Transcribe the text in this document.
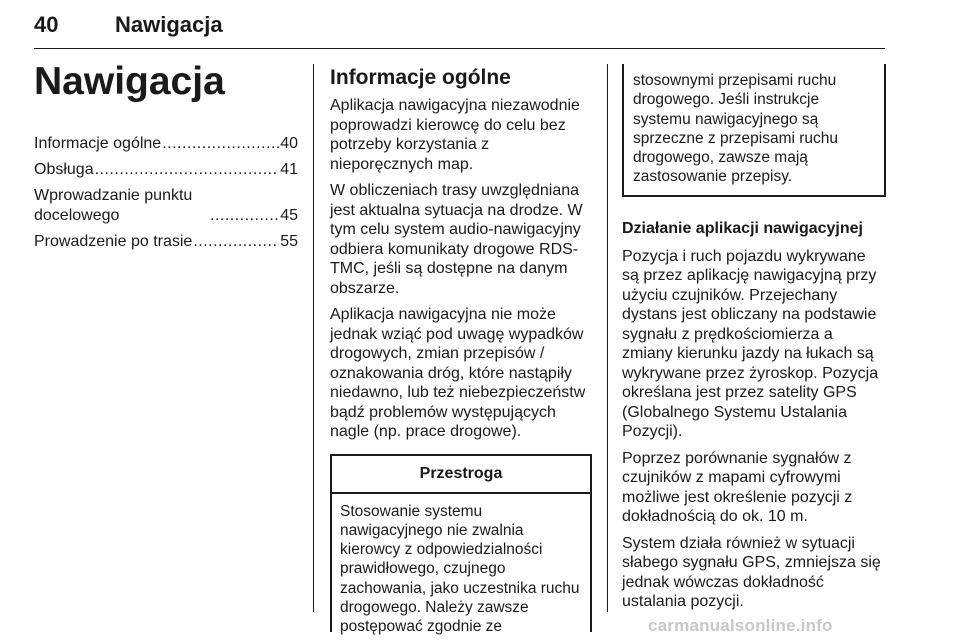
40	Nawigacja
Nawigacja
Informacje ogólne .....	40
Obsługa .....	41
Wprowadzanie punktu docelowego .....	45
Prowadzenie po trasie .....	55
Informacje ogólne

Aplikacja nawigacyjna niezawodnie poprowadzi kierowcę do celu bez potrzeby korzystania z nieporęcznych map.

W obliczeniach trasy uwzględniana jest aktualna sytuacja na drodze. W tym celu system audio-nawigacyjny odbiera komunikaty drogowe RDS-TMC, jeśli są dostępne na danym obszarze.

Aplikacja nawigacyjna nie może jednak wziąć pod uwagę wypadków drogowych, zmian przepisów / oznakowania dróg, które nastąpiły niedawno, lub też niebezpieczeństw bądź problemów występujących nagle (np. prace drogowe).

Przestroga
Stosowanie systemu nawigacyjnego nie zwalnia kierowcy z odpowiedzialności prawidłowego, czujnego zachowania, jako uczestnika ruchu drogowego. Należy zawsze postępować zgodnie ze
stosownymi przepisami ruchu drogowego. Jeśli instrukcje systemu nawigacyjnego są sprzeczne z przepisami ruchu drogowego, zawsze mają zastosowanie przepisy.
Działanie aplikacji nawigacyjnej

Pozycja i ruch pojazdu wykrywane są przez aplikację nawigacyjną przy użyciu czujników. Przejechany dystans jest obliczany na podstawie sygnału z prędkościomierza a zmiany kierunku jazdy na łukach są wykrywane przez żyroskop. Pozycja określana jest przez satelity GPS (Globalnego Systemu Ustalania Pozycji).

Poprzez porównanie sygnałów z czujników z mapami cyfrowymi możliwe jest określenie pozycji z dokładnością do ok. 10 m.

System działa również w sytuacji słabego sygnału GPS, zmniejsza się jednak wówczas dokładność ustalania pozycji.

carmanualsonline.info
